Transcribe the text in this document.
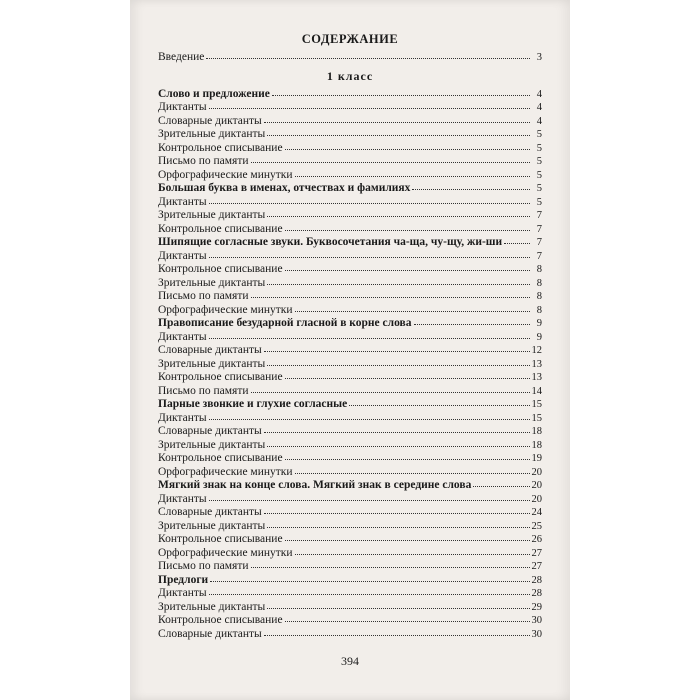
СОДЕРЖАНИЕ
Введение	3
1 класс
Слово и предложение	4
Диктанты	4
Словарные диктанты	4
Зрительные диктанты	5
Контрольное списывание	5
Письмо по памяти	5
Орфографические минутки	5
Большая буква в именах, отчествах и фамилиях	5
Диктанты	5
Зрительные диктанты	7
Контрольное списывание	7
Шипящие согласные звуки. Буквосочетания ча-ща, чу-щу, жи-ши	7
Диктанты	7
Контрольное списывание	8
Зрительные диктанты	8
Письмо по памяти	8
Орфографические минутки	8
Правописание безударной гласной в корне слова	9
Диктанты	9
Словарные диктанты	12
Зрительные диктанты	13
Контрольное списывание	13
Письмо по памяти	14
Парные звонкие и глухие согласные	15
Диктанты	15
Словарные диктанты	18
Зрительные диктанты	18
Контрольное списывание	19
Орфографические минутки	20
Мягкий знак на конце слова. Мягкий знак в середине слова	20
Диктанты	20
Словарные диктанты	24
Зрительные диктанты	25
Контрольное списывание	26
Орфографические минутки	27
Письмо по памяти	27
Предлоги	28
Диктанты	28
Зрительные диктанты	29
Контрольное списывание	30
Словарные диктанты	30
394
